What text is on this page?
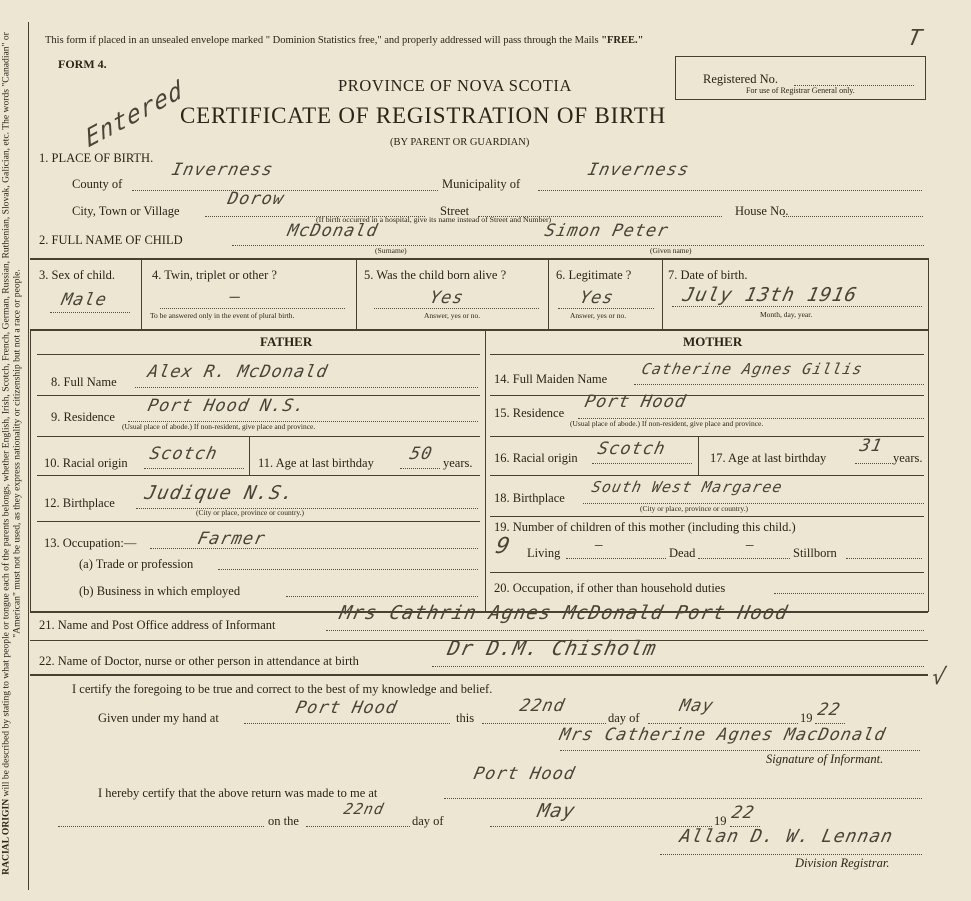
RACIAL ORIGIN will be described by stating to what people or tongue each of the parents belongs, whether English, Irish, Scotch, French, German, Russian, Ruthenian, Slovak, Galician, etc. The words "Canadian" or "American" must not be used, as they express nationality or citizenship but not a race or people.
This form if placed in an unsealed envelope marked " Dominion Statistics free," and properly addressed will pass through the Mails "FREE."
FORM 4.
PROVINCE OF NOVA SCOTIA
CERTIFICATE OF REGISTRATION OF BIRTH
(BY PARENT OR GUARDIAN)
Registered No.
For use of Registrar General only.
T
Entered
1. PLACE OF BIRTH.
County of
Inverness
Municipality of
Inverness
City, Town or Village
Dorow
Street	House No.
(If birth occurred in a hospital, give its name instead of Street and Number)
2. FULL NAME OF CHILD	McDonald	Simon Peter
(Surname)	(Given name)
3. Sex of child.
Male
4. Twin, triplet or other ?
—
To be answered only in the event of plural birth.
5. Was the child born alive ?
Yes
Answer, yes or no.
6. Legitimate ?
Yes
Answer, yes or no.
7. Date of birth.
July 13th 1916
Month, day, year.
FATHER	MOTHER
8. Full Name Alex R. McDonald
9. Residence
Port Hood N.S.
(Usual place of abode.) If non-resident, give place and province.
10. Racial origin Scotch	11. Age at last birthday 50 years.
12. Birthplace Judique N.S.
(City or place, province or country.)
13. Occupation:—	Farmer
(a) Trade or profession
(b) Business in which employed
14. Full Maiden Name
Catherine Agnes Gillis
15. Residence
Port Hood
(Usual place of abode.) If non-resident, give place and province.
16. Racial origin Scotch	17. Age at last birthday
31
years.
18. Birthplace
South West Margaree
(City or place, province or country.)
19. Number of children of this mother (including this child.)
9 Living	—	Dead	—	Stillborn
20. Occupation, if other than household duties
21. Name and Post Office address of Informant
Mrs Cathrin Agnes McDonald Port Hood
22. Name of Doctor, nurse or other person in attendance at birth
Dr D.M. Chisholm
I certify the foregoing to be true and correct to the best of my knowledge and belief.	√
Given under my hand at	Port Hood	this
22nd
day of
May
19 22
Mrs Catherine Agnes MacDonald
Signature of Informant.
I hereby certify that the above return was made to me at
Port Hood
on the
22nd
day of	May	19 22
Allan D. W. Lennan
Division Registrar.
